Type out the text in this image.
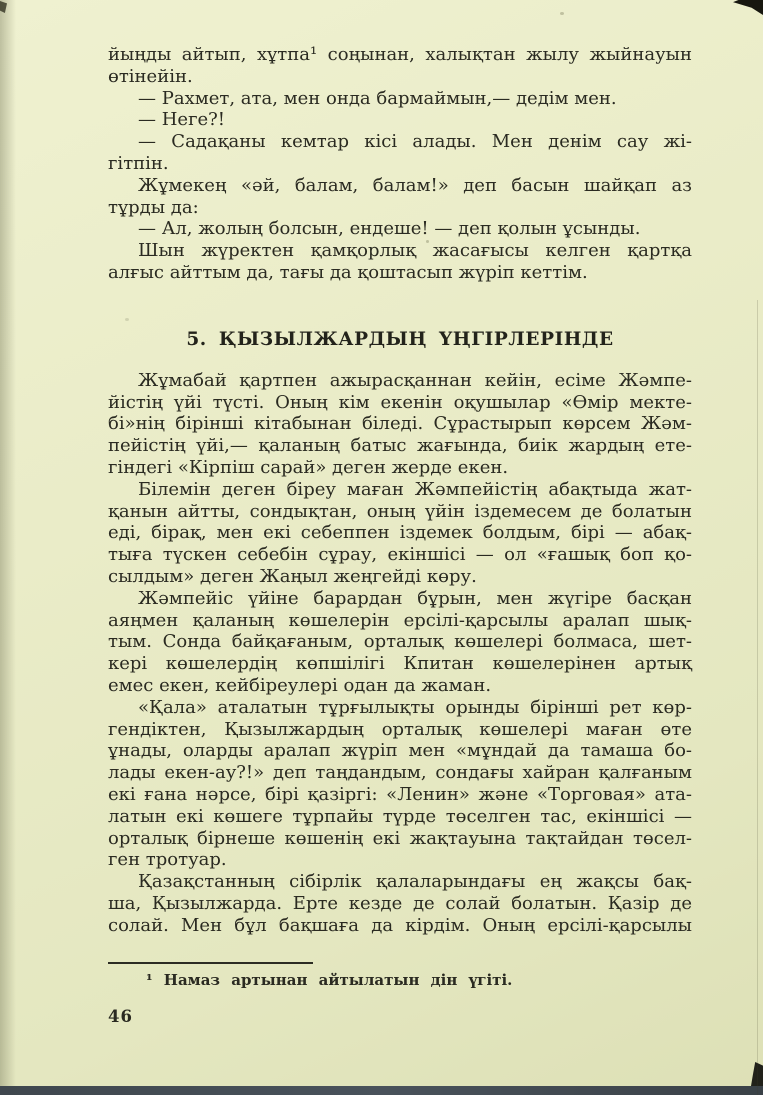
йыңды айтып, хұтпа¹ соңынан, халықтан жылу жыйнауын
өтінейін.
— Рахмет, ата, мен онда бармаймын,— дедім мен.
— Неге?!
— Садақаны кемтар кісі алады. Мен денім сау жі-
гітпін.
Жұмекең «әй, балам, балам!» деп басын шайқап аз
тұрды да:
— Ал, жолың болсын, ендеше! — деп қолын ұсынды.
Шын жүректен қамқорлық жасағысы келген қартқа
алғыс айттым да, тағы да қоштасып жүріп кеттім.
5. ҚЫЗЫЛЖАРДЫҢ ҮҢГІРЛЕРІНДЕ
Жұмабай қартпен ажырасқаннан кейін, есіме Жәмпе-
йістің үйі түсті. Оның кім екенін оқушылар «Өмір мекте-
бі»нің бірінші кітабынан біледі. Сұрастырып көрсем Жәм-
пейістің үйі,— қаланың батыс жағында, биік жардың ете-
гіндегі «Кірпіш сарай» деген жерде екен.
Білемін деген біреу маған Жәмпейістің абақтыда жат-
қанын айтты, сондықтан, оның үйін іздемесем де болатын
еді, бірақ, мен екі себеппен іздемек болдым, бірі — абақ-
тыға түскен себебін сұрау, екіншісі — ол «ғашық боп қо-
сылдым» деген Жаңыл жеңгейді көру.
Жәмпейіс үйіне барардан бұрын, мен жүгіре басқан
аяңмен қаланың көшелерін ерсілі-қарсылы аралап шық-
тым. Сонда байқағаным, орталық көшелері болмаса, шет-
кері көшелердің көпшілігі Кпитан көшелерінен артық
емес екен, кейбіреулері одан да жаман.
«Қала» аталатын тұрғылықты орынды бірінші рет көр-
гендіктен, Қызылжардың орталық көшелері маған өте
ұнады, оларды аралап жүріп мен «мұндай да тамаша бо-
лады екен-ау?!» деп таңдандым, сондағы хайран қалғаным
екі ғана нәрсе, бірі қазіргі: «Ленин» және «Торговая» ата-
латын екі көшеге тұрпайы түрде төселген тас, екіншісі —
орталық бірнеше көшенің екі жақтауына тақтайдан төсел-
ген тротуар.
Қазақстанның сібірлік қалаларындағы ең жақсы бақ-
ша, Қызылжарда. Ерте кезде де солай болатын. Қазір де
солай. Мен бұл бақшаға да кірдім. Оның ерсілі-қарсылы
¹ Намаз артынан айтылатын дін үгіті.
46
